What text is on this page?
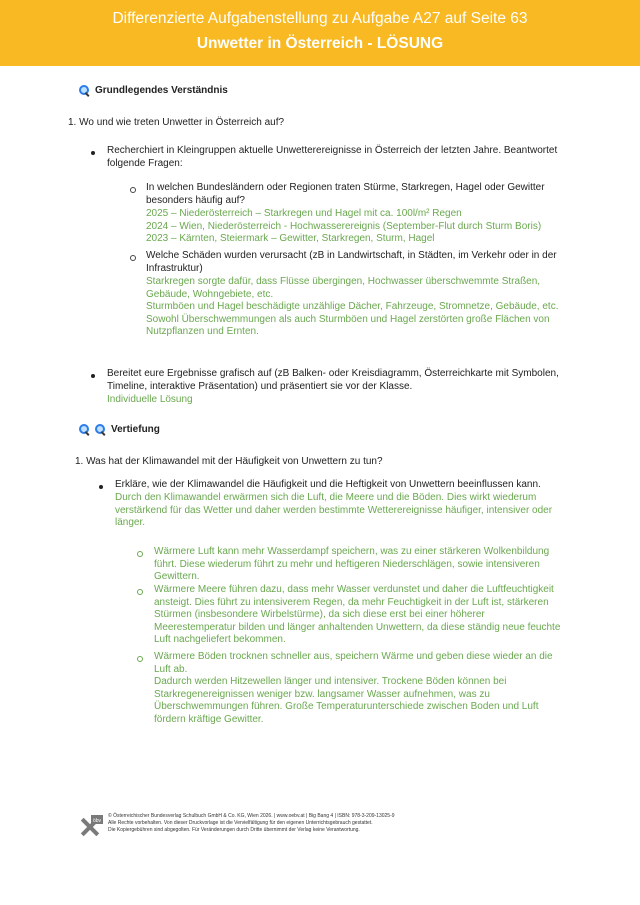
Differenzierte Aufgabenstellung zu Aufgabe A27 auf Seite 63
Unwetter in Österreich - LÖSUNG
Grundlegendes Verständnis
1. Wo und wie treten Unwetter in Österreich auf?
Recherchiert in Kleingruppen aktuelle Unwetterereignisse in Österreich der letzten Jahre. Beantwortet
folgende Fragen:
In welchen Bundesländern oder Regionen traten Stürme, Starkregen, Hagel oder Gewitter
besonders häufig auf?
2025 – Niederösterreich – Starkregen und Hagel mit ca. 100l/m² Regen
2024 – Wien, Niederösterreich - Hochwasserereignis (September-Flut durch Sturm Boris)
2023 – Kärnten, Steiermark – Gewitter, Starkregen, Sturm, Hagel
Welche Schäden wurden verursacht (zB in Landwirtschaft, in Städten, im Verkehr oder in der
Infrastruktur)
Starkregen sorgte dafür, dass Flüsse übergingen, Hochwasser überschwemmte Straßen,
Gebäude, Wohngebiete, etc.
Sturmböen und Hagel beschädigte unzählige Dächer, Fahrzeuge, Stromnetze, Gebäude, etc.
Sowohl Überschwemmungen als auch Sturmböen und Hagel zerstörten große Flächen von
Nutzpflanzen und Ernten.
Bereitet eure Ergebnisse grafisch auf (zB Balken- oder Kreisdiagramm, Österreichkarte mit Symbolen,
Timeline, interaktive Präsentation) und präsentiert sie vor der Klasse.
Individuelle Lösung
Vertiefung
1. Was hat der Klimawandel mit der Häufigkeit von Unwettern zu tun?
Erkläre, wie der Klimawandel die Häufigkeit und die Heftigkeit von Unwettern beeinflussen kann.
Durch den Klimawandel erwärmen sich die Luft, die Meere und die Böden. Dies wirkt wiederum
verstärkend für das Wetter und daher werden bestimmte Wetterereignisse häufiger, intensiver oder
länger.
Wärmere Luft kann mehr Wasserdampf speichern, was zu einer stärkeren Wolkenbildung
führt. Diese wiederum führt zu mehr und heftigeren Niederschlägen, sowie intensiveren
Gewittern.
Wärmere Meere führen dazu, dass mehr Wasser verdunstet und daher die Luftfeuchtigkeit
ansteigt. Dies führt zu intensiverem Regen, da mehr Feuchtigkeit in der Luft ist, stärkeren
Stürmen (insbesondere Wirbelstürme), da sich diese erst bei einer höherer
Meerestemperatur bilden und länger anhaltenden Unwettern, da diese ständig neue feuchte
Luft nachgeliefert bekommen.
Wärmere Böden trocknen schneller aus, speichern Wärme und geben diese wieder an die
Luft ab.
Dadurch werden Hitzewellen länger und intensiver. Trockene Böden können bei
Starkregenereignissen weniger bzw. langsamer Wasser aufnehmen, was zu
Überschwemmungen führen. Große Temperaturunterschiede zwischen Boden und Luft
fördern kräftige Gewitter.
öbv
© Österreichischer Bundesverlag Schulbuch GmbH & Co. KG, Wien 2026. | www.oebv.at | Big Bang 4 | ISBN: 978-3-209-13025-9
Alle Rechte vorbehalten. Von dieser Druckvorlage ist die Vervielfältigung für den eigenen Unterrichtsgebrauch gestattet.
Die Kopiergebühren sind abgegolten. Für Veränderungen durch Dritte übernimmt der Verlag keine Verantwortung.
